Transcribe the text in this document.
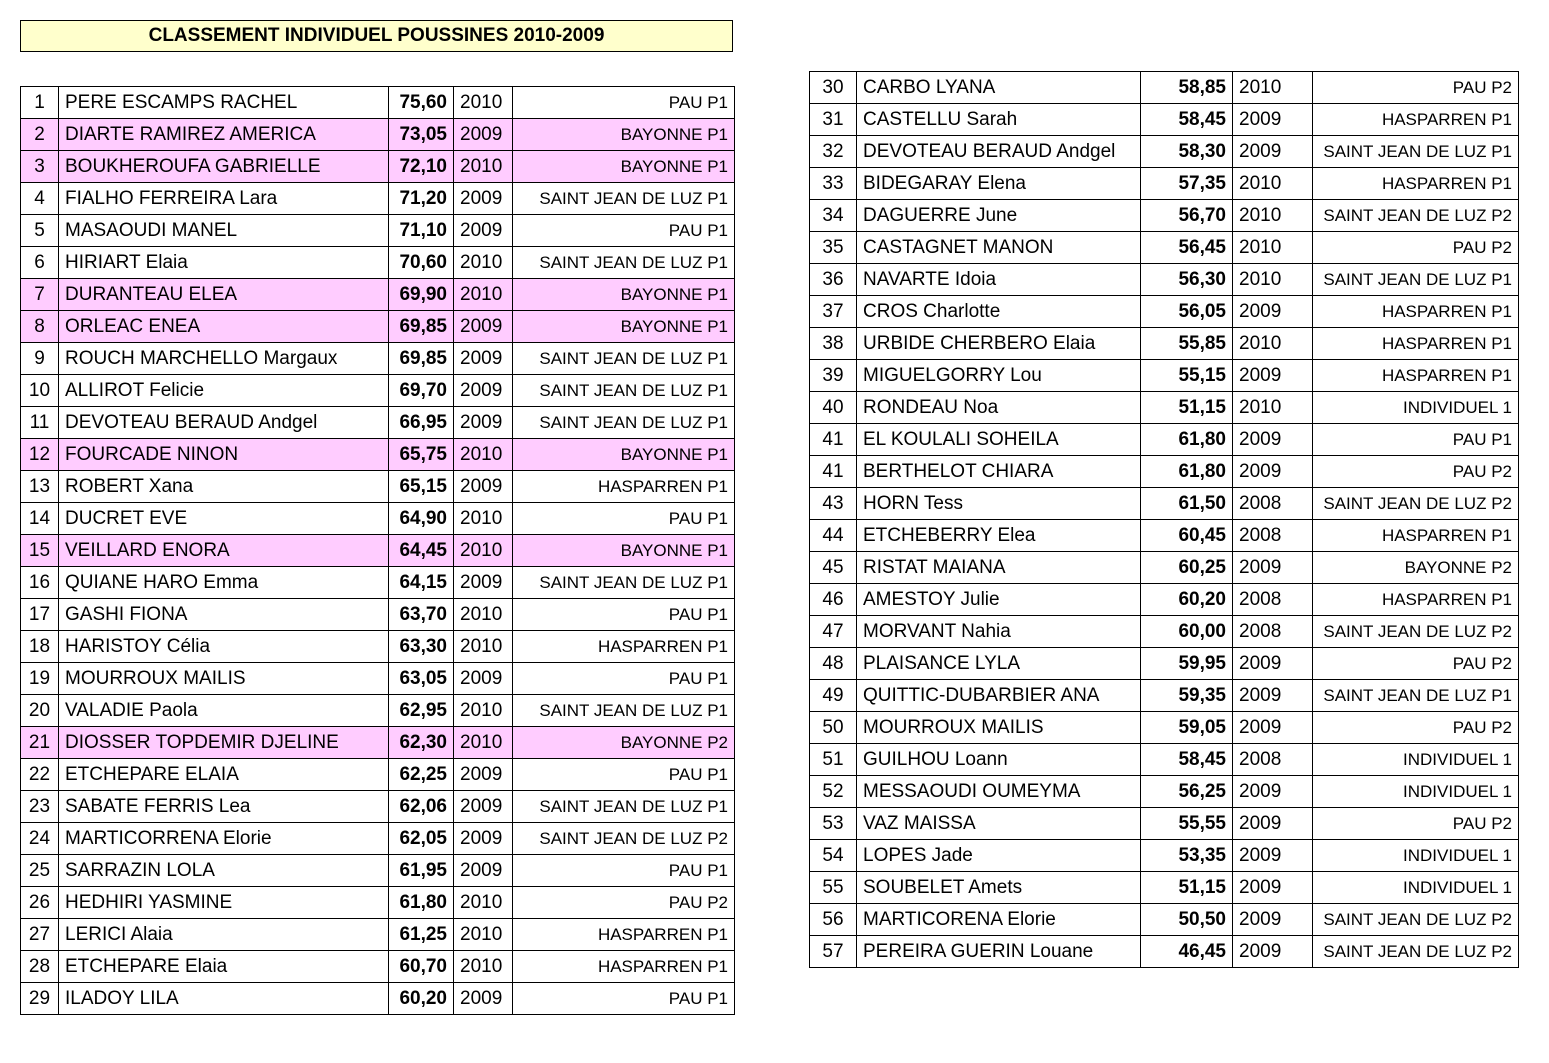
CLASSEMENT INDIVIDUEL POUSSINES 2010-2009
1	PERE ESCAMPS RACHEL	75,60	2010	PAU P1
2	DIARTE RAMIREZ AMERICA	73,05	2009	BAYONNE P1
3	BOUKHEROUFA GABRIELLE	72,10	2010	BAYONNE P1
4	FIALHO FERREIRA Lara	71,20	2009	SAINT JEAN DE LUZ P1
5	MASAOUDI MANEL	71,10	2009	PAU P1
6	HIRIART Elaia	70,60	2010	SAINT JEAN DE LUZ P1
7	DURANTEAU ELEA	69,90	2010	BAYONNE P1
8	ORLEAC ENEA	69,85	2009	BAYONNE P1
9	ROUCH MARCHELLO Margaux	69,85	2009	SAINT JEAN DE LUZ P1
10	ALLIROT Felicie	69,70	2009	SAINT JEAN DE LUZ P1
11	DEVOTEAU BERAUD Andgel	66,95	2009	SAINT JEAN DE LUZ P1
12	FOURCADE NINON	65,75	2010	BAYONNE P1
13	ROBERT Xana	65,15	2009	HASPARREN P1
14	DUCRET EVE	64,90	2010	PAU P1
15	VEILLARD ENORA	64,45	2010	BAYONNE P1
16	QUIANE HARO Emma	64,15	2009	SAINT JEAN DE LUZ P1
17	GASHI FIONA	63,70	2010	PAU P1
18	HARISTOY Célia	63,30	2010	HASPARREN P1
19	MOURROUX MAILIS	63,05	2009	PAU P1
20	VALADIE Paola	62,95	2010	SAINT JEAN DE LUZ P1
21	DIOSSER TOPDEMIR DJELINE	62,30	2010	BAYONNE P2
22	ETCHEPARE ELAIA	62,25	2009	PAU P1
23	SABATE FERRIS Lea	62,06	2009	SAINT JEAN DE LUZ P1
24	MARTICORRENA Elorie	62,05	2009	SAINT JEAN DE LUZ P2
25	SARRAZIN LOLA	61,95	2009	PAU P1
26	HEDHIRI YASMINE	61,80	2010	PAU P2
27	LERICI Alaia	61,25	2010	HASPARREN P1
28	ETCHEPARE Elaia	60,70	2010	HASPARREN P1
29	ILADOY LILA	60,20	2009	PAU P1
30	CARBO LYANA	58,85	2010	PAU P2
31	CASTELLU Sarah	58,45	2009	HASPARREN P1
32	DEVOTEAU BERAUD Andgel	58,30	2009	SAINT JEAN DE LUZ P1
33	BIDEGARAY Elena	57,35	2010	HASPARREN P1
34	DAGUERRE June	56,70	2010	SAINT JEAN DE LUZ P2
35	CASTAGNET MANON	56,45	2010	PAU P2
36	NAVARTE Idoia	56,30	2010	SAINT JEAN DE LUZ P1
37	CROS Charlotte	56,05	2009	HASPARREN P1
38	URBIDE CHERBERO Elaia	55,85	2010	HASPARREN P1
39	MIGUELGORRY Lou	55,15	2009	HASPARREN P1
40	RONDEAU Noa	51,15	2010	INDIVIDUEL 1
41	EL KOULALI SOHEILA	61,80	2009	PAU P1
41	BERTHELOT CHIARA	61,80	2009	PAU P2
43	HORN Tess	61,50	2008	SAINT JEAN DE LUZ P2
44	ETCHEBERRY Elea	60,45	2008	HASPARREN P1
45	RISTAT MAIANA	60,25	2009	BAYONNE P2
46	AMESTOY Julie	60,20	2008	HASPARREN P1
47	MORVANT Nahia	60,00	2008	SAINT JEAN DE LUZ P2
48	PLAISANCE LYLA	59,95	2009	PAU P2
49	QUITTIC-DUBARBIER ANA	59,35	2009	SAINT JEAN DE LUZ P1
50	MOURROUX MAILIS	59,05	2009	PAU P2
51	GUILHOU Loann	58,45	2008	INDIVIDUEL 1
52	MESSAOUDI OUMEYMA	56,25	2009	INDIVIDUEL 1
53	VAZ MAISSA	55,55	2009	PAU P2
54	LOPES Jade	53,35	2009	INDIVIDUEL 1
55	SOUBELET Amets	51,15	2009	INDIVIDUEL 1
56	MARTICORENA Elorie	50,50	2009	SAINT JEAN DE LUZ P2
57	PEREIRA GUERIN Louane	46,45	2009	SAINT JEAN DE LUZ P2
